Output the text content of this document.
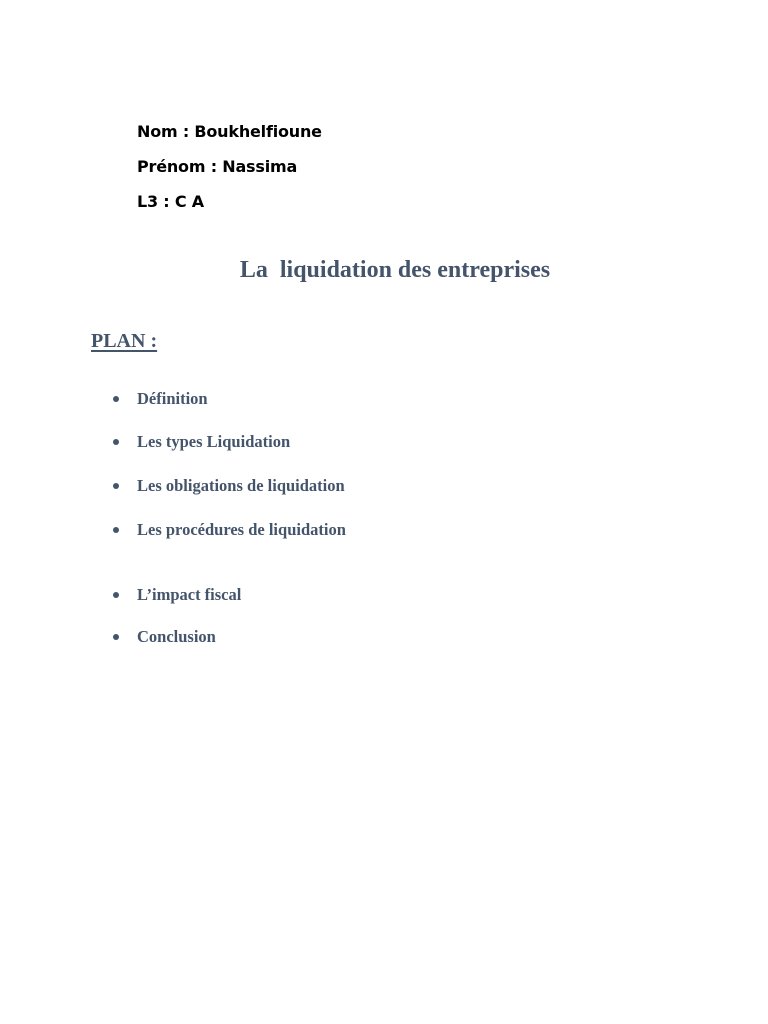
Nom : Boukhelfioune
Prénom : Nassima
L3 : C A
La  liquidation des entreprises
PLAN :
Définition
Les types Liquidation
Les obligations de liquidation
Les procédures de liquidation
L’impact fiscal
Conclusion
